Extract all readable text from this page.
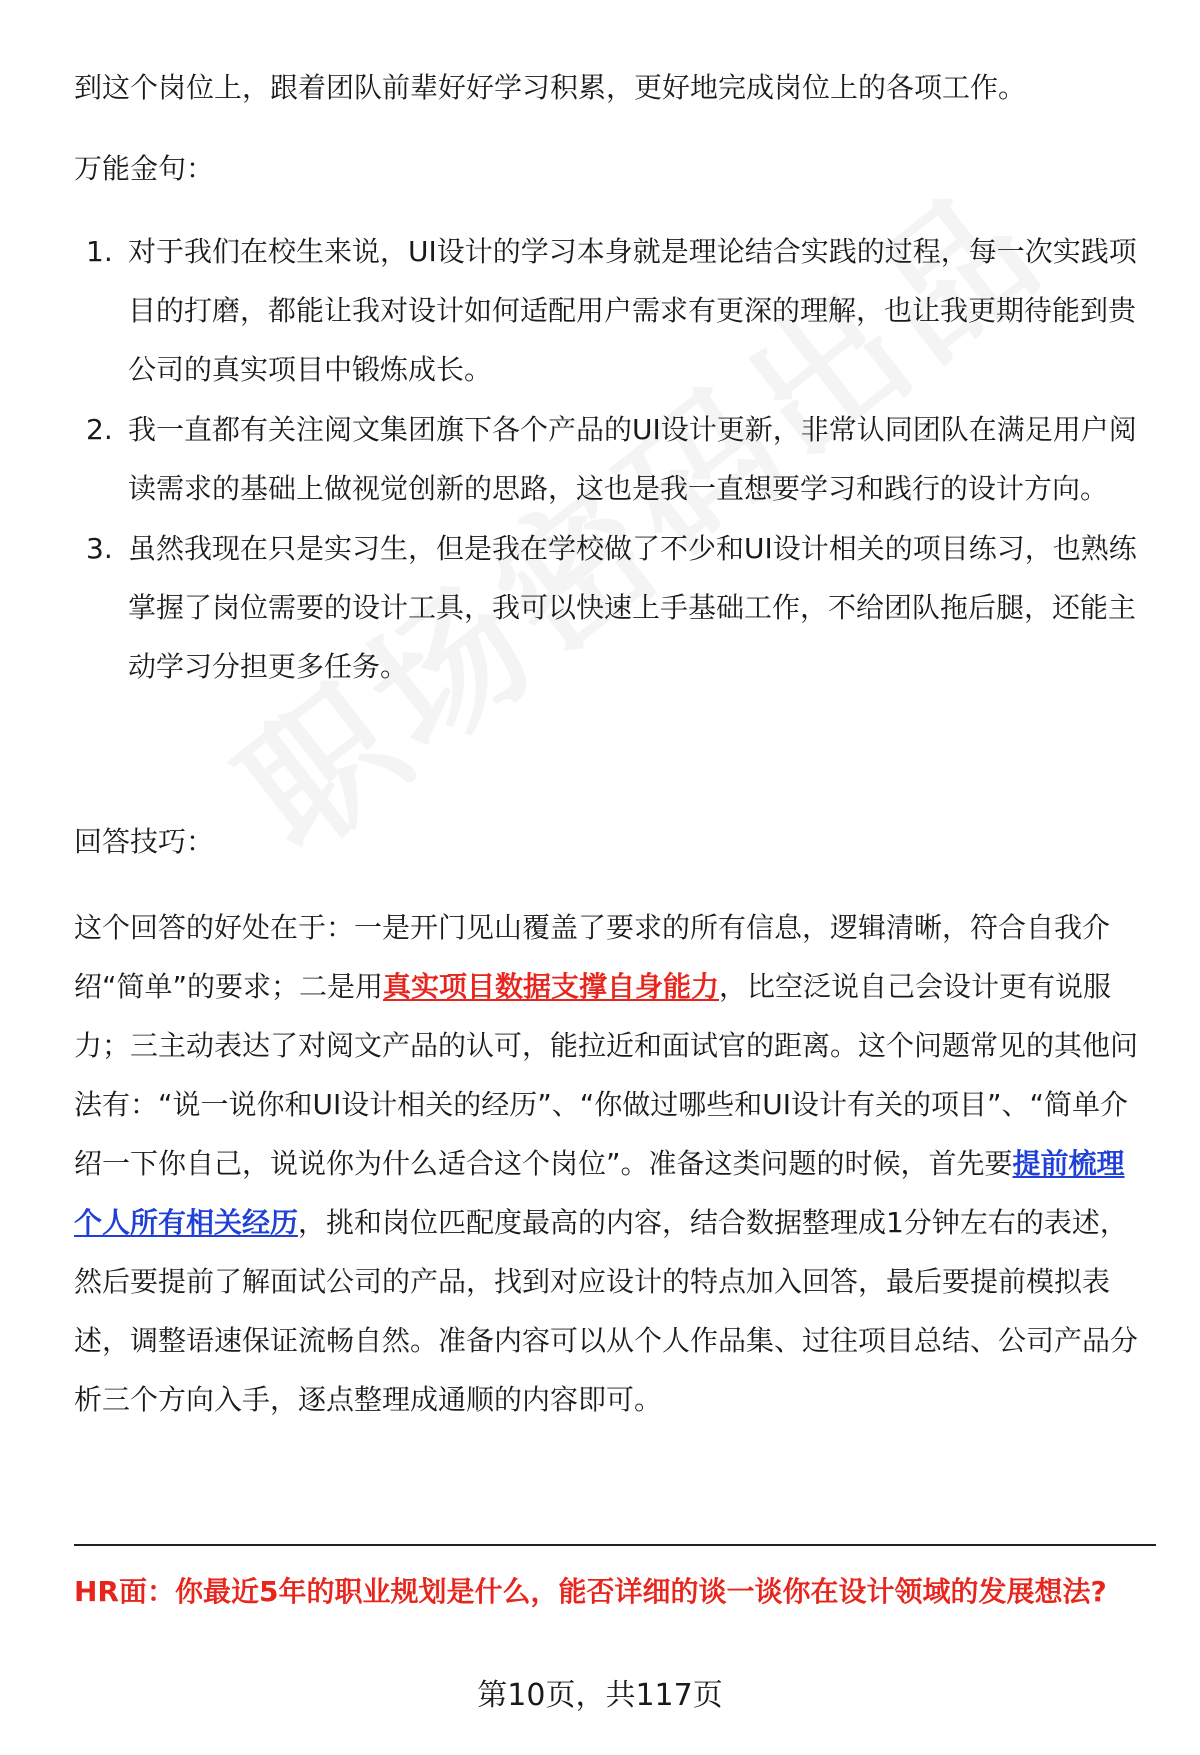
到这个岗位上，跟着团队前辈好好学习积累，更好地完成岗位上的各项工作。

万能金句：

1. 对于我们在校生来说，UI设计的学习本身就是理论结合实践的过程，每一次实践项目的打磨，都能让我对设计如何适配用户需求有更深的理解，也让我更期待能到贵公司的真实项目中锻炼成长。
2. 我一直都有关注阅文集团旗下各个产品的UI设计更新，非常认同团队在满足用户阅读需求的基础上做视觉创新的思路，这也是我一直想要学习和践行的设计方向。
3. 虽然我现在只是实习生，但是我在学校做了不少和UI设计相关的项目练习，也熟练掌握了岗位需要的设计工具，我可以快速上手基础工作，不给团队拖后腿，还能主动学习分担更多任务。

回答技巧：

这个回答的好处在于：一是开门见山覆盖了要求的所有信息，逻辑清晰，符合自我介绍“简单”的要求；二是用真实项目数据支撑自身能力，比空泛说自己会设计更有说服力；三主动表达了对阅文产品的认可，能拉近和面试官的距离。这个问题常见的其他问法有：“说一说你和UI设计相关的经历”、“你做过哪些和UI设计有关的项目”、“简单介绍一下你自己，说说你为什么适合这个岗位”。准备这类问题的时候，首先要提前梳理个人所有相关经历，挑和岗位匹配度最高的内容，结合数据整理成1分钟左右的表述，然后要提前了解面试公司的产品，找到对应设计的特点加入回答，最后要提前模拟表述，调整语速保证流畅自然。准备内容可以从个人作品集、过往项目总结、公司产品分析三个方向入手，逐点整理成通顺的内容即可。

HR面：你最近5年的职业规划是什么，能否详细的谈一谈你在设计领域的发展想法?

第10页，共117页
